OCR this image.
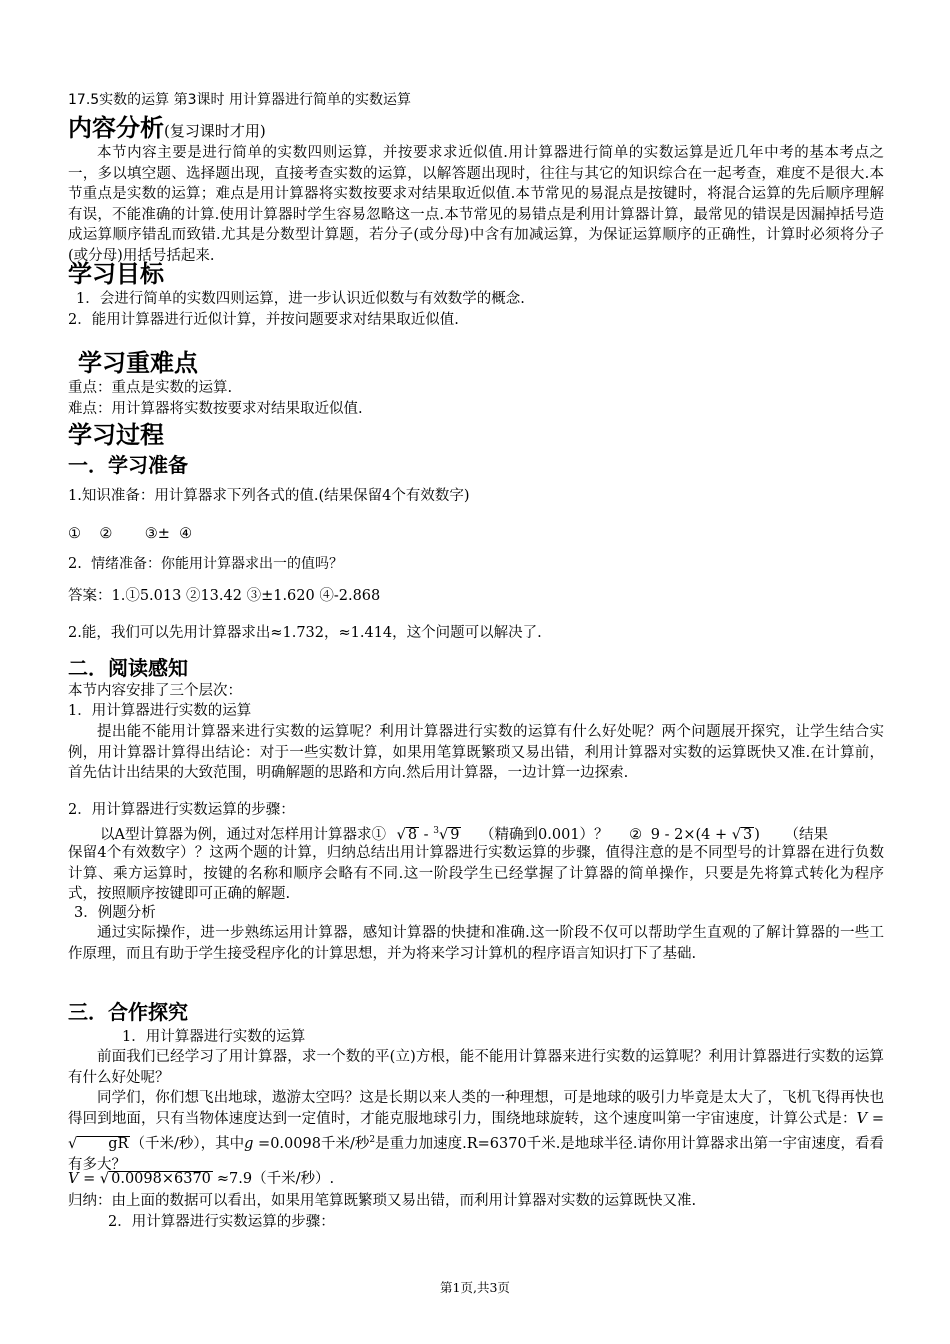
17.5实数的运算 第3课时 用计算器进行简单的实数运算
内容分析(复习课时才用)
本节内容主要是进行简单的实数四则运算，并按要求求近似值.用计算器进行简单的实数运算是近几年中考的基本考点之一，多以填空题、选择题出现，直接考查实数的运算，以解答题出现时，往往与其它的知识综合在一起考查，难度不是很大.本节重点是实数的运算；难点是用计算器将实数按要求对结果取近似值.本节常见的易混点是按键时，将混合运算的先后顺序理解有误，不能准确的计算.使用计算器时学生容易忽略这一点.本节常见的易错点是利用计算器计算，最常见的错误是因漏掉括号造成运算顺序错乱而致错.尤其是分数型计算题，若分子(或分母)中含有加减运算，为保证运算顺序的正确性，计算时必须将分子(或分母)用括号括起来.
学习目标
1．会进行简单的实数四则运算，进一步认识近似数与有效数学的概念.
2．能用计算器进行近似计算，并按问题要求对结果取近似值.
学习重难点
重点：重点是实数的运算.
难点：用计算器将实数按要求对结果取近似值.
学习过程
一．学习准备
1.知识准备：用计算器求下列各式的值.(结果保留4个有效数字)
①    ②       ③±  ④
2. 情绪准备：你能用计算器求出一的值吗？
答案：1.①5.013 ②13.42 ③±1.620 ④-2.868
2.能，我们可以先用计算器求出≈1.732，≈1.414，这个问题可以解决了.
二．阅读感知
本节内容安排了三个层次：
1．用计算器进行实数的运算
提出能不能用计算器来进行实数的运算呢？利用计算器进行实数的运算有什么好处呢？两个问题展开探究，让学生结合实例，用计算器计算得出结论：对于一些实数计算，如果用笔算既繁琐又易出错，利用计算器对实数的运算既快又准.在计算前，首先估计出结果的大致范围，明确解题的思路和方向.然后用计算器，一边计算一边探索.
2．用计算器进行实数运算的步骤：
以A型计算器为例，通过对怎样用计算器求① √ 8 - $^3$√ 9 （精确到0.001）？ ② 9 - 2×(4 + √ 3 ) （结果
保留4个有效数字）？这两个题的计算，归纳总结出用计算器进行实数运算的步骤，值得注意的是不同型号的计算器在进行负数计算、乘方运算时，按键的名称和顺序会略有不同.这一阶段学生已经掌握了计算器的简单操作，只要是先将算式转化为程序式，按照顺序按键即可正确的解题.
3．例题分析
通过实际操作，进一步熟练运用计算器，感知计算器的快捷和准确.这一阶段不仅可以帮助学生直观的了解计算器的一些工作原理，而且有助于学生接受程序化的计算思想，并为将来学习计算机的程序语言知识打下了基础.
三．合作探究
1．用计算器进行实数的运算
前面我们已经学习了用计算器，求一个数的平(立)方根，能不能用计算器来进行实数的运算呢？利用计算器进行实数的运算有什么好处呢？
同学们，你们想飞出地球，遨游太空吗？这是长期以来人类的一种理想，可是地球的吸引力毕竟是太大了，飞机飞得再快也得回到地面，只有当物体速度达到一定值时，才能克服地球引力，围绕地球旋转，这个速度叫第一宇宙速度，计算公式是：V = √ gR （千米/秒），其中g =0.0098千米/秒$^2$是重力加速度.R=6370千米.是地球半径.请你用计算器求出第一宇宙速度，看看有多大？
V = √ 0.0098×6370 ≈7.9（千米/秒）.
归纳：由上面的数据可以看出，如果用笔算既繁琐又易出错，而利用计算器对实数的运算既快又准.
2．用计算器进行实数运算的步骤：
第1页,共3页
